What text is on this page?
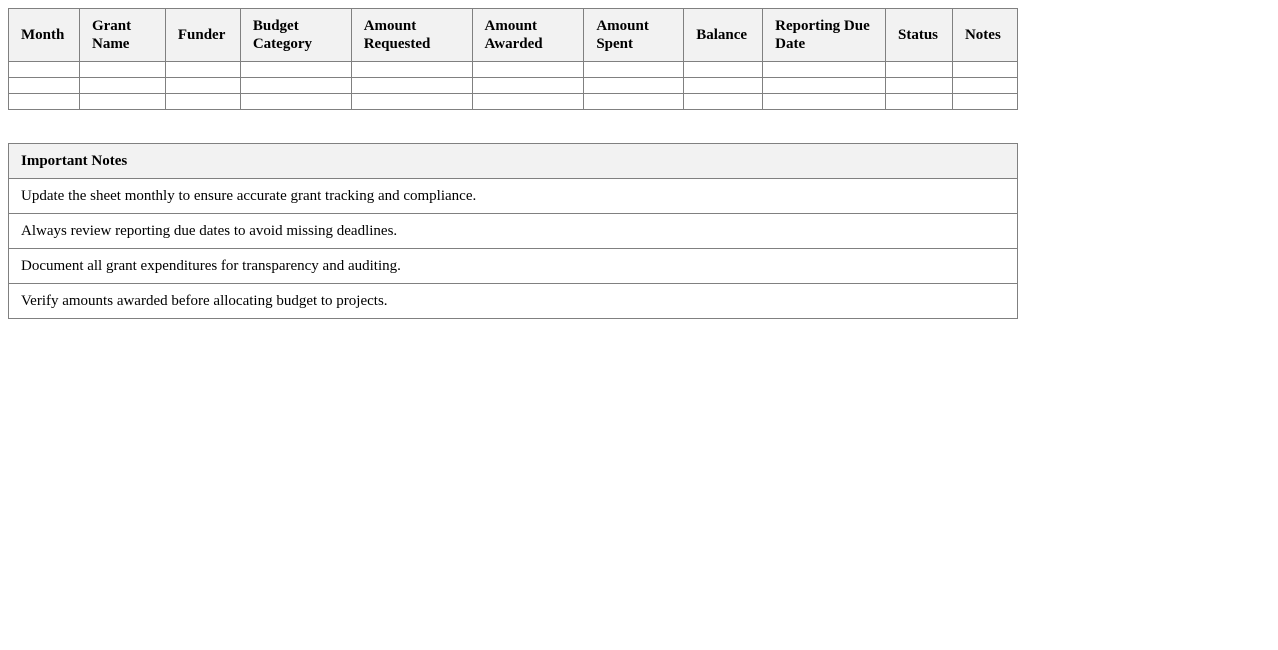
Month	Grant Name	Funder	Budget Category	Amount Requested	Amount Awarded	Amount Spent	Balance	Reporting Due Date	Status	Notes

Important Notes
Update the sheet monthly to ensure accurate grant tracking and compliance.
Always review reporting due dates to avoid missing deadlines.
Document all grant expenditures for transparency and auditing.
Verify amounts awarded before allocating budget to projects.
